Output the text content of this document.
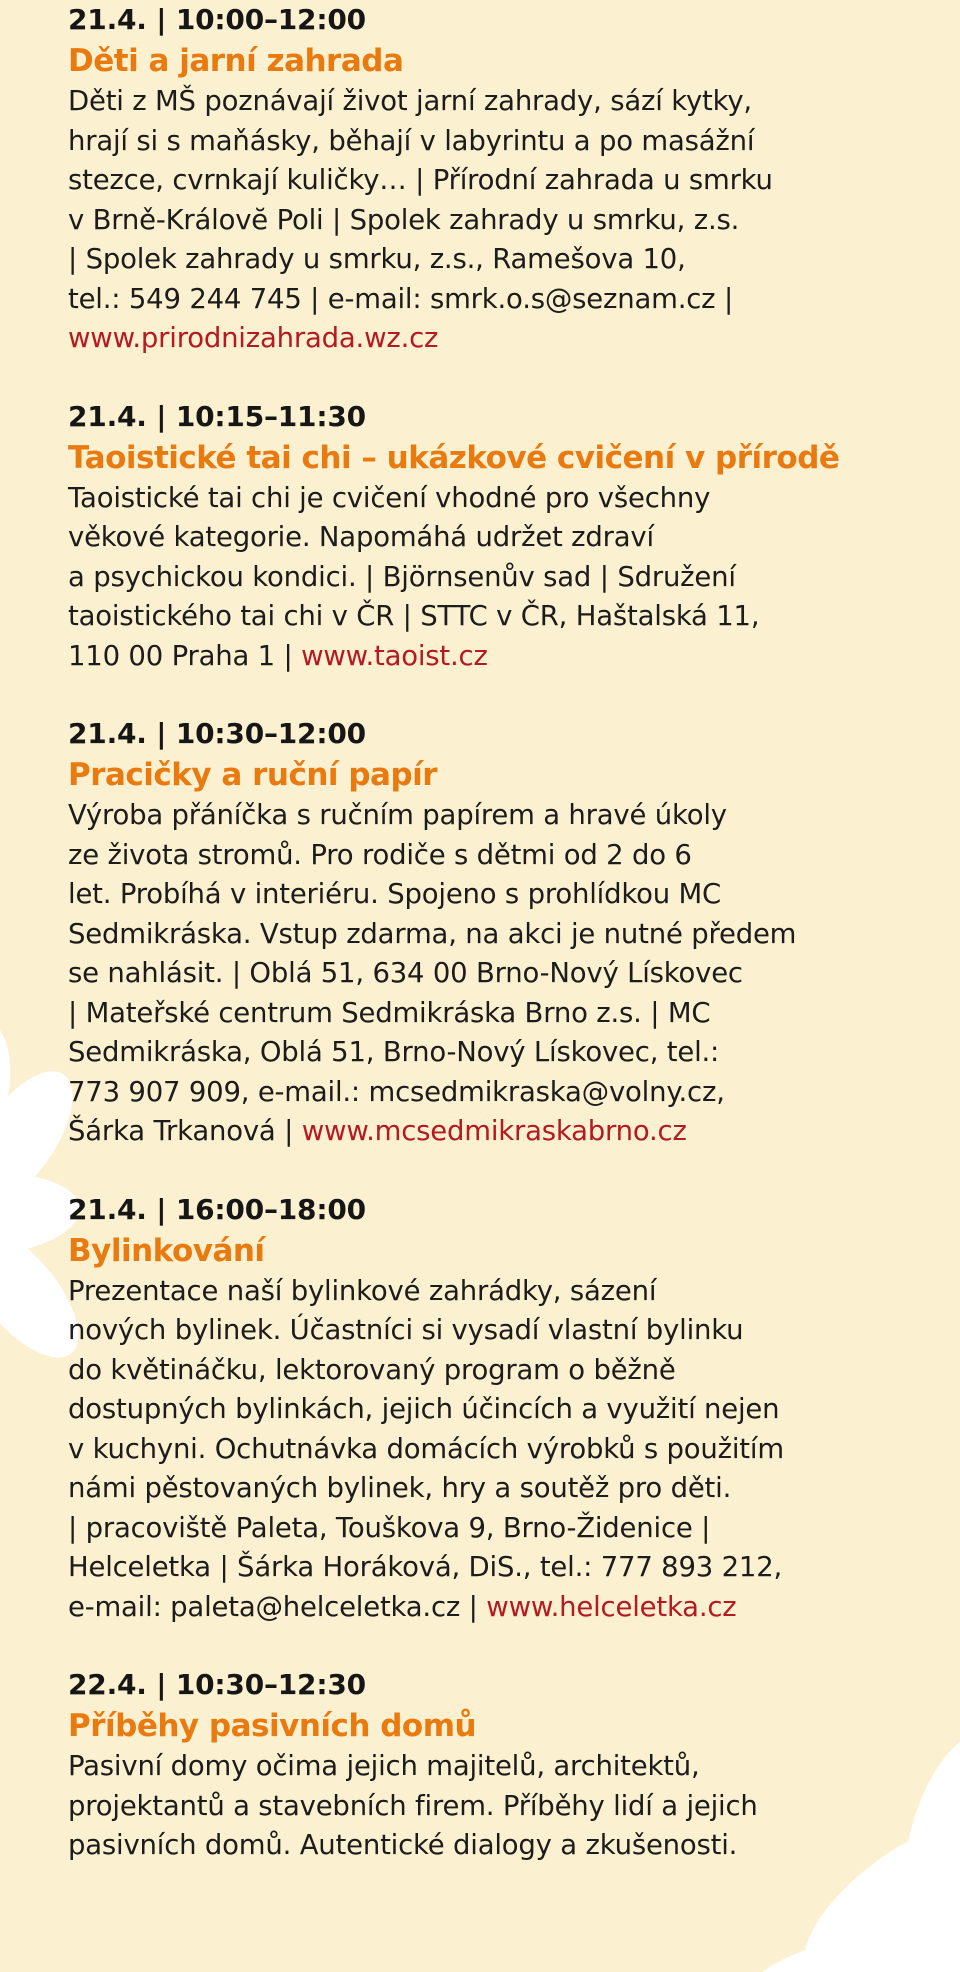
21.4. | 10:00–12:00
Děti a jarní zahrada
Děti z MŠ poznávají život jarní zahrady, sází kytky,
hrají si s maňásky, běhají v labyrintu a po masážní
stezce, cvrnkají kuličky… | Přírodní zahrada u smrku
v Brně-Královĕ Poli | Spolek zahrady u smrku, z.s.
| Spolek zahrady u smrku, z.s., Ramešova 10,
tel.: 549 244 745 | e-mail: smrk.o.s@seznam.cz |
www.prirodnizahrada.wz.cz
21.4. | 10:15–11:30
Taoistické tai chi – ukázkové cvičení v přírodě
Taoistické tai chi je cvičení vhodné pro všechny
věkové kategorie. Napomáhá udržet zdraví
a psychickou kondici. | Björnsenův sad | Sdružení
taoistického tai chi v ČR | STTC v ČR, Haštalská 11,
110 00 Praha 1 | www.taoist.cz
21.4. | 10:30–12:00
Pracičky a ruční papír
Výroba přáníčka s ručním papírem a hravé úkoly
ze života stromů. Pro rodiče s dětmi od 2 do 6
let. Probíhá v interiéru. Spojeno s prohlídkou MC
Sedmikráska. Vstup zdarma, na akci je nutné předem
se nahlásit. | Oblá 51, 634 00 Brno-Nový Lískovec
| Mateřské centrum Sedmikráska Brno z.s. | MC
Sedmikráska, Oblá 51, Brno-Nový Lískovec, tel.:
773 907 909, e-mail.: mcsedmikraska@volny.cz,
Šárka Trkanová | www.mcsedmikraskabrno.cz
21.4. | 16:00–18:00
Bylinkování
Prezentace naší bylinkové zahrádky, sázení
nových bylinek. Účastníci si vysadí vlastní bylinku
do květináčku, lektorovaný program o běžně
dostupných bylinkách, jejich účincích a využití nejen
v kuchyni. Ochutnávka domácích výrobků s použitím
námi pěstovaných bylinek, hry a soutěž pro děti.
| pracoviště Paleta, Touškova 9, Brno-Židenice |
Helceletka | Šárka Horáková, DiS., tel.: 777 893 212,
e-mail: paleta@helceletka.cz | www.helceletka.cz
22.4. | 10:30–12:30
Příběhy pasivních domů
Pasivní domy očima jejich majitelů, architektů,
projektantů a stavebních firem. Příběhy lidí a jejich
pasivních domů. Autentické dialogy a zkušenosti.
